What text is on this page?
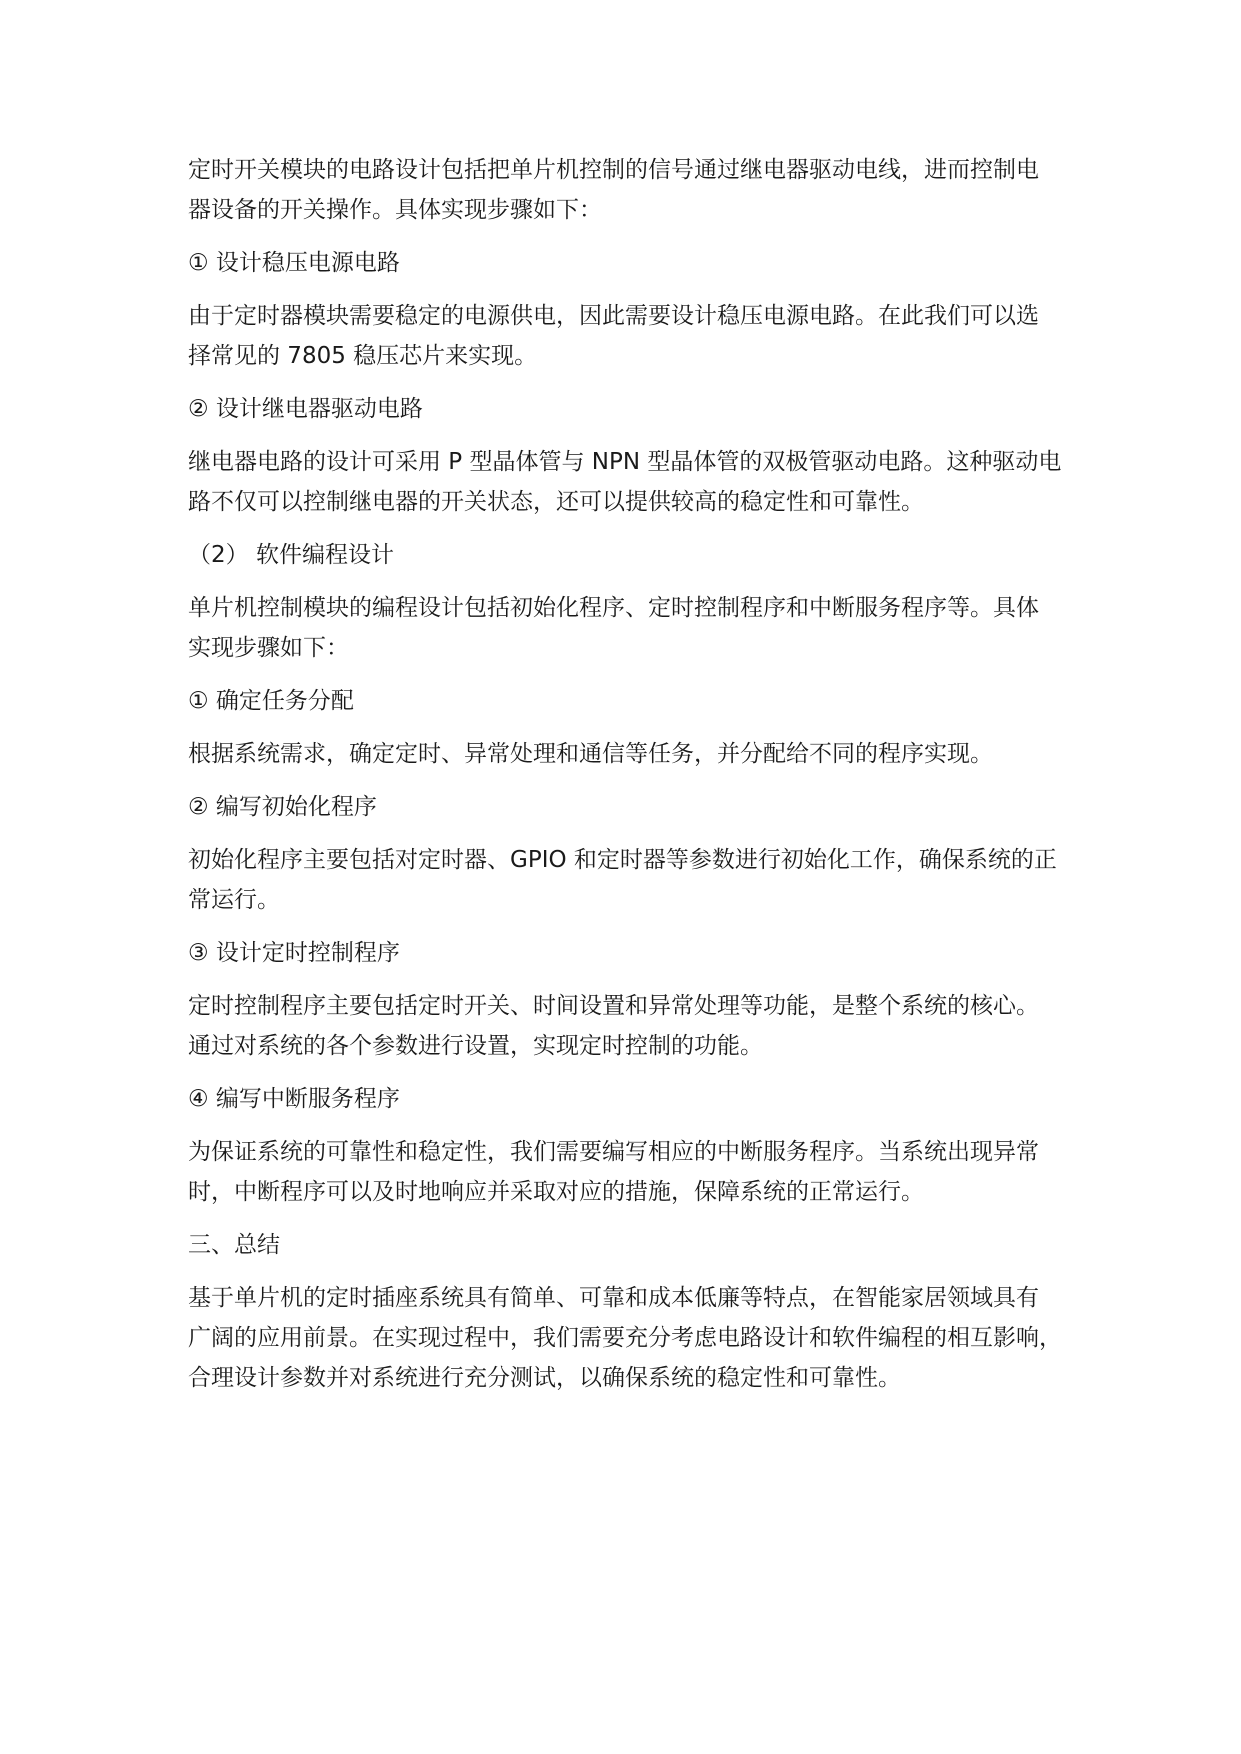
定时开关模块的电路设计包括把单片机控制的信号通过继电器驱动电线，进而控制电
器设备的开关操作。具体实现步骤如下：

① 设计稳压电源电路

由于定时器模块需要稳定的电源供电，因此需要设计稳压电源电路。在此我们可以选
择常见的 7805 稳压芯片来实现。

② 设计继电器驱动电路

继电器电路的设计可采用 P 型晶体管与 NPN 型晶体管的双极管驱动电路。这种驱动电
路不仅可以控制继电器的开关状态，还可以提供较高的稳定性和可靠性。

（2） 软件编程设计

单片机控制模块的编程设计包括初始化程序、定时控制程序和中断服务程序等。具体
实现步骤如下：

① 确定任务分配

根据系统需求，确定定时、异常处理和通信等任务，并分配给不同的程序实现。

② 编写初始化程序

初始化程序主要包括对定时器、GPIO 和定时器等参数进行初始化工作，确保系统的正
常运行。

③ 设计定时控制程序

定时控制程序主要包括定时开关、时间设置和异常处理等功能，是整个系统的核心。
通过对系统的各个参数进行设置，实现定时控制的功能。

④ 编写中断服务程序

为保证系统的可靠性和稳定性，我们需要编写相应的中断服务程序。当系统出现异常
时，中断程序可以及时地响应并采取对应的措施，保障系统的正常运行。

三、总结

基于单片机的定时插座系统具有简单、可靠和成本低廉等特点，在智能家居领域具有
广阔的应用前景。在实现过程中，我们需要充分考虑电路设计和软件编程的相互影响，
合理设计参数并对系统进行充分测试，以确保系统的稳定性和可靠性。
